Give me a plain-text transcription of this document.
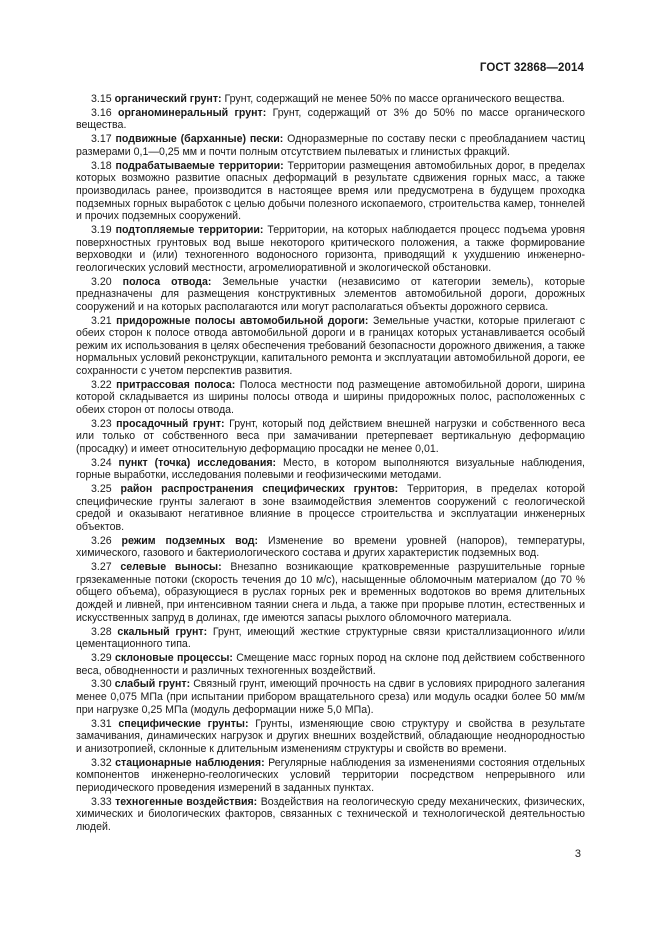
ГОСТ 32868—2014

3.15 органический грунт: Грунт, содержащий не менее 50% по массе органического вещества.

3.16 органоминеральный грунт: Грунт, содержащий от 3% до 50% по массе органического вещества.

3.17 подвижные (барханные) пески: Одноразмерные по составу пески с преобладанием частиц размерами 0,1—0,25 мм и почти полным отсутствием пылеватых и глинистых фракций.

3.18 подрабатываемые территории: Территории размещения автомобильных дорог, в пределах которых возможно развитие опасных деформаций в результате сдвижения горных масс, а также производилась ранее, производится в настоящее время или предусмотрена в будущем проходка подземных горных выработок с целью добычи полезного ископаемого, строительства камер, тоннелей и прочих подземных сооружений.

3.19 подтопляемые территории: Территории, на которых наблюдается процесс подъема уровня поверхностных грунтовых вод выше некоторого критического положения, а также формирование верховодки и (или) техногенного водоносного горизонта, приводящий к ухудшению инженерно-геологических условий местности, агромелиоративной и экологической обстановки.

3.20 полоса отвода: Земельные участки (независимо от категории земель), которые предназначены для размещения конструктивных элементов автомобильной дороги, дорожных сооружений и на которых располагаются или могут располагаться объекты дорожного сервиса.

3.21 придорожные полосы автомобильной дороги: Земельные участки, которые прилегают с обеих сторон к полосе отвода автомобильной дороги и в границах которых устанавливается особый режим их использования в целях обеспечения требований безопасности дорожного движения, а также нормальных условий реконструкции, капитального ремонта и эксплуатации автомобильной дороги, ее сохранности с учетом перспектив развития.

3.22 притрассовая полоса: Полоса местности под размещение автомобильной дороги, ширина которой складывается из ширины полосы отвода и ширины придорожных полос, расположенных с обеих сторон от полосы отвода.

3.23 просадочный грунт: Грунт, который под действием внешней нагрузки и собственного веса или только от собственного веса при замачивании претерпевает вертикальную деформацию (просадку) и имеет относительную деформацию просадки не менее 0,01.

3.24 пункт (точка) исследования: Место, в котором выполняются визуальные наблюдения, горные выработки, исследования полевыми и геофизическими методами.

3.25 район распространения специфических грунтов: Территория, в пределах которой специфические грунты залегают в зоне взаимодействия элементов сооружений с геологической средой и оказывают негативное влияние в процессе строительства и эксплуатации инженерных объектов.

3.26 режим подземных вод: Изменение во времени уровней (напоров), температуры, химического, газового и бактериологического состава и других характеристик подземных вод.

3.27 селевые выносы: Внезапно возникающие кратковременные разрушительные горные грязекаменные потоки (скорость течения до 10 м/с), насыщенные обломочным материалом (до 70 % общего объема), образующиеся в руслах горных рек и временных водотоков во время длительных дождей и ливней, при интенсивном таянии снега и льда, а также при прорыве плотин, естественных и искусственных запруд в долинах, где имеются запасы рыхлого обломочного материала.

3.28 скальный грунт: Грунт, имеющий жесткие структурные связи кристаллизационного и/или цементационного типа.

3.29 склоновые процессы: Смещение масс горных пород на склоне под действием собственного веса, обводненности и различных техногенных воздействий.

3.30 слабый грунт: Связный грунт, имеющий прочность на сдвиг в условиях природного залегания менее 0,075 МПа (при испытании прибором вращательного среза) или модуль осадки более 50 мм/м при нагрузке 0,25 МПа (модуль деформации ниже 5,0 МПа).

3.31 специфические грунты: Грунты, изменяющие свою структуру и свойства в результате замачивания, динамических нагрузок и других внешних воздействий, обладающие неоднородностью и анизотропией, склонные к длительным изменениям структуры и свойств во времени.

3.32 стационарные наблюдения: Регулярные наблюдения за изменениями состояния отдельных компонентов инженерно-геологических условий территории посредством непрерывного или периодического проведения измерений в заданных пунктах.

3.33 техногенные воздействия: Воздействия на геологическую среду механических, физических, химических и биологических факторов, связанных с технической и технологической деятельностью людей.

3
